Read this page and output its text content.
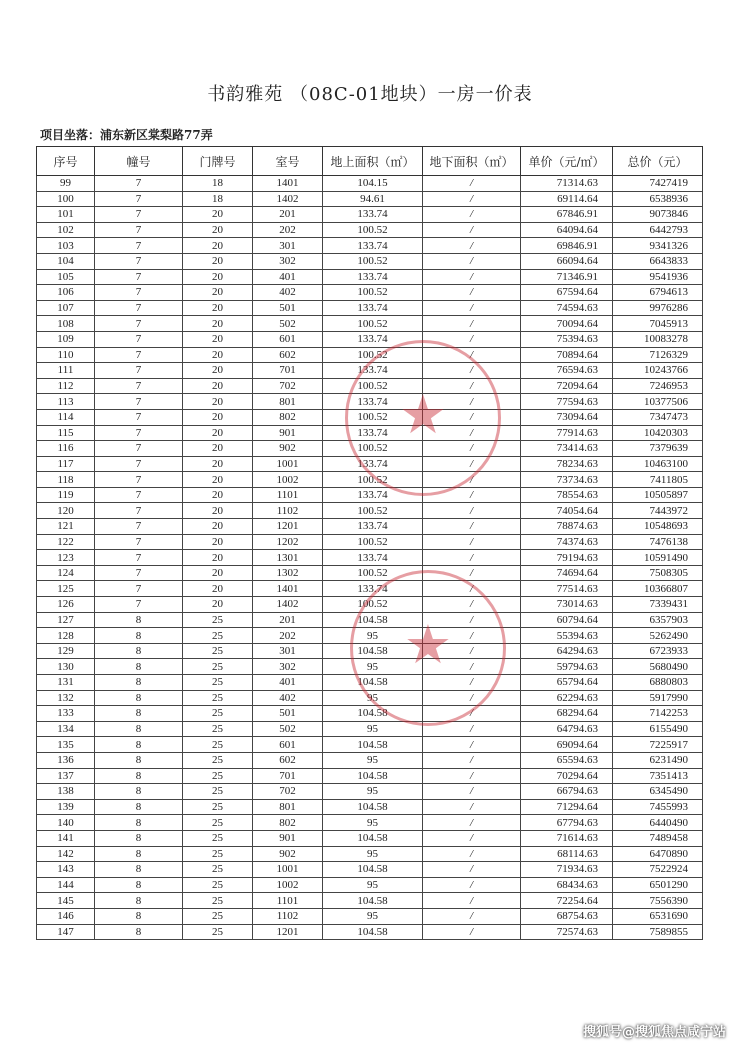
书韵雅苑 （08C-01地块）一房一价表
项目坐落：浦东新区棠梨路77弄
序号	幢号	门牌号	室号	地上面积（㎡）	地下面积（㎡）	单价（元/㎡）	总价（元）
99	7	18	1401	104.15	/	71314.63	7427419
100	7	18	1402	94.61	/	69114.64	6538936
101	7	20	201	133.74	/	67846.91	9073846
102	7	20	202	100.52	/	64094.64	6442793
103	7	20	301	133.74	/	69846.91	9341326
104	7	20	302	100.52	/	66094.64	6643833
105	7	20	401	133.74	/	71346.91	9541936
106	7	20	402	100.52	/	67594.64	6794613
107	7	20	501	133.74	/	74594.63	9976286
108	7	20	502	100.52	/	70094.64	7045913
109	7	20	601	133.74	/	75394.63	10083278
110	7	20	602	100.52	/	70894.64	7126329
111	7	20	701	133.74	/	76594.63	10243766
112	7	20	702	100.52	/	72094.64	7246953
113	7	20	801	133.74	/	77594.63	10377506
114	7	20	802	100.52	/	73094.64	7347473
115	7	20	901	133.74	/	77914.63	10420303
116	7	20	902	100.52	/	73414.63	7379639
117	7	20	1001	133.74	/	78234.63	10463100
118	7	20	1002	100.52	/	73734.63	7411805
119	7	20	1101	133.74	/	78554.63	10505897
120	7	20	1102	100.52	/	74054.64	7443972
121	7	20	1201	133.74	/	78874.63	10548693
122	7	20	1202	100.52	/	74374.63	7476138
123	7	20	1301	133.74	/	79194.63	10591490
124	7	20	1302	100.52	/	74694.64	7508305
125	7	20	1401	133.74	/	77514.63	10366807
126	7	20	1402	100.52	/	73014.63	7339431
127	8	25	201	104.58	/	60794.64	6357903
128	8	25	202	95	/	55394.63	5262490
129	8	25	301	104.58	/	64294.63	6723933
130	8	25	302	95	/	59794.63	5680490
131	8	25	401	104.58	/	65794.64	6880803
132	8	25	402	95	/	62294.63	5917990
133	8	25	501	104.58	/	68294.64	7142253
134	8	25	502	95	/	64794.63	6155490
135	8	25	601	104.58	/	69094.64	7225917
136	8	25	602	95	/	65594.63	6231490
137	8	25	701	104.58	/	70294.64	7351413
138	8	25	702	95	/	66794.63	6345490
139	8	25	801	104.58	/	71294.64	7455993
140	8	25	802	95	/	67794.63	6440490
141	8	25	901	104.58	/	71614.63	7489458
142	8	25	902	95	/	68114.63	6470890
143	8	25	1001	104.58	/	71934.63	7522924
144	8	25	1002	95	/	68434.63	6501290
145	8	25	1101	104.58	/	72254.64	7556390
146	8	25	1102	95	/	68754.63	6531690
147	8	25	1201	104.58	/	72574.63	7589855
★
★
搜狐号@搜狐焦点咸宁站
